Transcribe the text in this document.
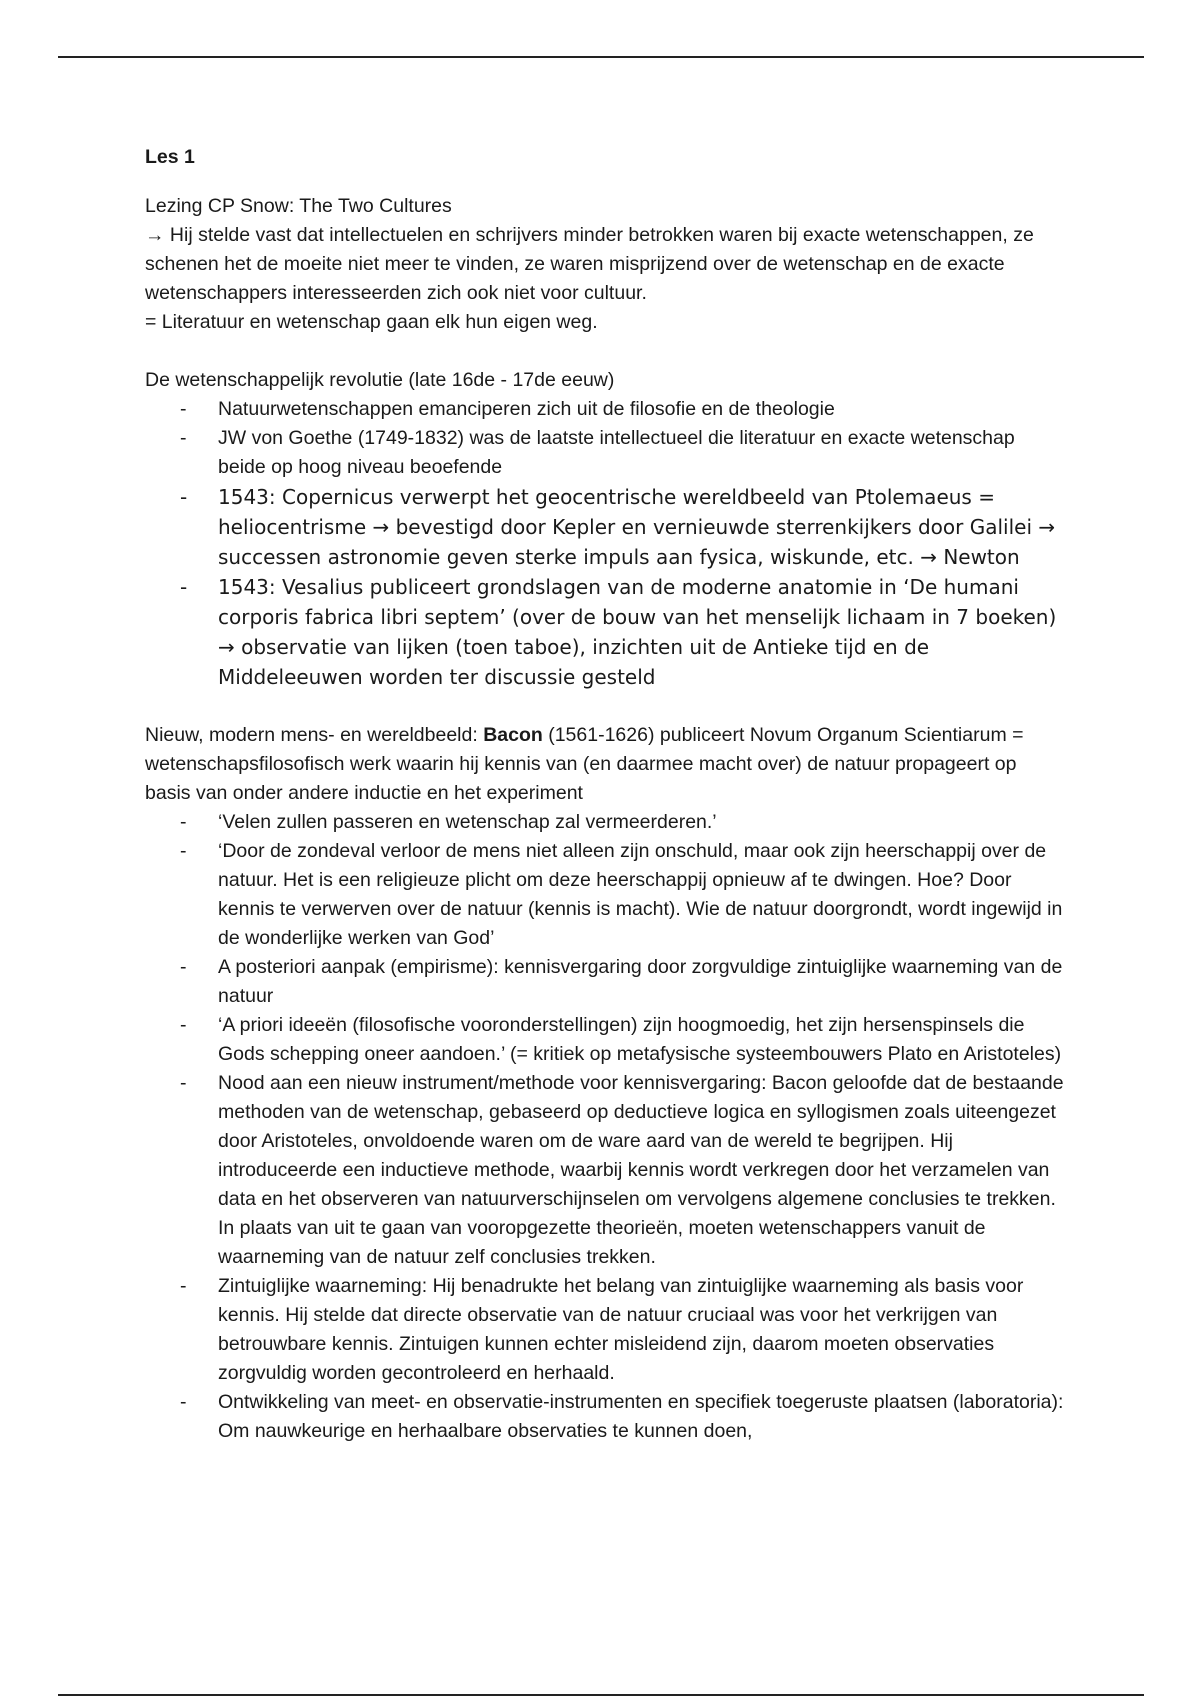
Les 1

Lezing CP Snow: The Two Cultures

→ Hij stelde vast dat intellectuelen en schrijvers minder betrokken waren bij exacte wetenschappen, ze schenen het de moeite niet meer te vinden, ze waren misprijzend over de wetenschap en de exacte wetenschappers interesseerden zich ook niet voor cultuur.

= Literatuur en wetenschap gaan elk hun eigen weg.

De wetenschappelijk revolutie (late 16de - 17de eeuw)

- Natuurwetenschappen emanciperen zich uit de filosofie en de theologie
- JW von Goethe (1749-1832) was de laatste intellectueel die literatuur en exacte wetenschap beide op hoog niveau beoefende
- 1543: Copernicus verwerpt het geocentrische wereldbeeld van Ptolemaeus = heliocentrisme → bevestigd door Kepler en vernieuwde sterrenkijkers door Galilei → successen astronomie geven sterke impuls aan fysica, wiskunde, etc. → Newton
- 1543: Vesalius publiceert grondslagen van de moderne anatomie in ‘De humani corporis fabrica libri septem’ (over de bouw van het menselijk lichaam in 7 boeken) → observatie van lijken (toen taboe), inzichten uit de Antieke tijd en de Middeleeuwen worden ter discussie gesteld

Nieuw, modern mens- en wereldbeeld: Bacon (1561-1626) publiceert Novum Organum Scientiarum = wetenschapsfilosofisch werk waarin hij kennis van (en daarmee macht over) de natuur propageert op basis van onder andere inductie en het experiment

- ‘Velen zullen passeren en wetenschap zal vermeerderen.’
- ‘Door de zondeval verloor de mens niet alleen zijn onschuld, maar ook zijn heerschappij over de natuur. Het is een religieuze plicht om deze heerschappij opnieuw af te dwingen. Hoe? Door kennis te verwerven over de natuur (kennis is macht). Wie de natuur doorgrondt, wordt ingewijd in de wonderlijke werken van God’
- A posteriori aanpak (empirisme): kennisvergaring door zorgvuldige zintuiglijke waarneming van de natuur
- ‘A priori ideeën (filosofische vooronderstellingen) zijn hoogmoedig, het zijn hersenspinsels die Gods schepping oneer aandoen.’ (= kritiek op metafysische systeembouwers Plato en Aristoteles)
- Nood aan een nieuw instrument/methode voor kennisvergaring: Bacon geloofde dat de bestaande methoden van de wetenschap, gebaseerd op deductieve logica en syllogismen zoals uiteengezet door Aristoteles, onvoldoende waren om de ware aard van de wereld te begrijpen. Hij introduceerde een inductieve methode, waarbij kennis wordt verkregen door het verzamelen van data en het observeren van natuurverschijnselen om vervolgens algemene conclusies te trekken.
In plaats van uit te gaan van vooropgezette theorieën, moeten wetenschappers vanuit de waarneming van de natuur zelf conclusies trekken.
- Zintuiglijke waarneming: Hij benadrukte het belang van zintuiglijke waarneming als basis voor kennis. Hij stelde dat directe observatie van de natuur cruciaal was voor het verkrijgen van betrouwbare kennis. Zintuigen kunnen echter misleidend zijn, daarom moeten observaties zorgvuldig worden gecontroleerd en herhaald.
- Ontwikkeling van meet- en observatie-instrumenten en specifiek toegeruste plaatsen (laboratoria): Om nauwkeurige en herhaalbare observaties te kunnen doen,
